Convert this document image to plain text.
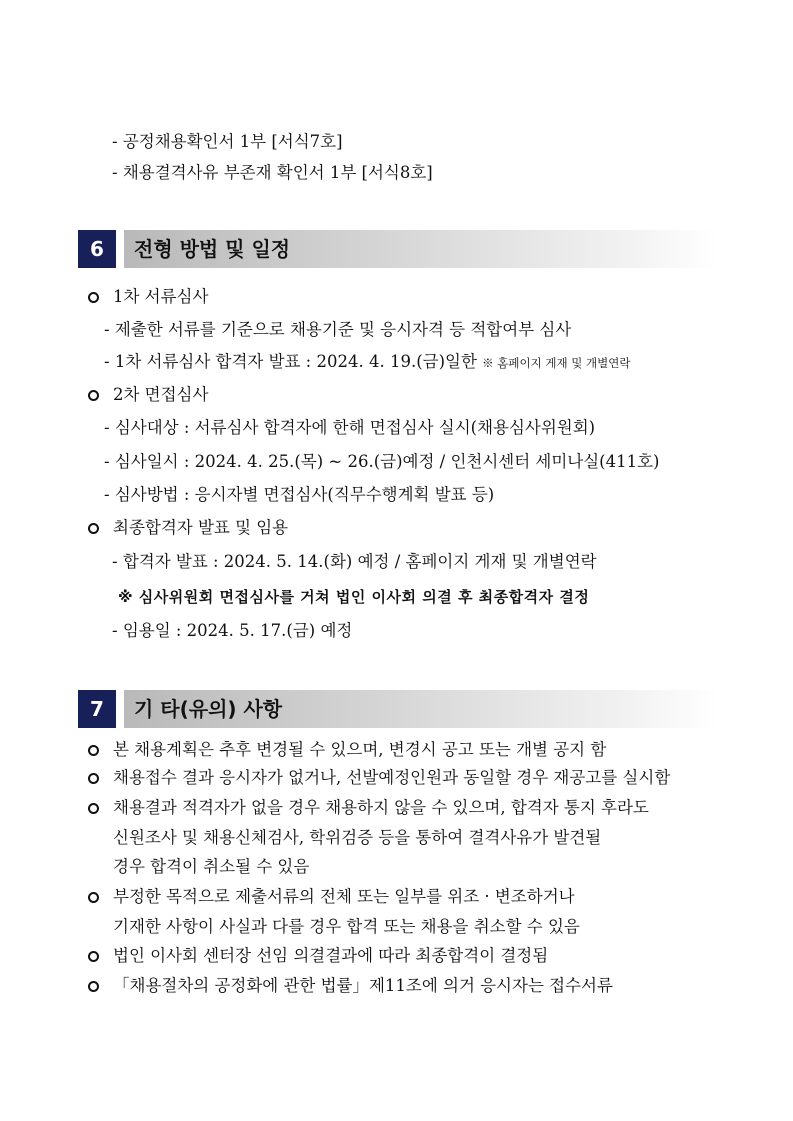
- 공정채용확인서 1부 [서식7호]
- 채용결격사유 부존재 확인서 1부 [서식8호]
6	전형 방법 및 일정
1차 서류심사
- 제출한 서류를 기준으로 채용기준 및 응시자격 등 적합여부 심사
- 1차 서류심사 합격자 발표 : 2024. 4. 19.(금)일한 ※ 홈페이지 게재 및 개별연락
2차 면접심사
- 심사대상 : 서류심사 합격자에 한해 면접심사 실시(채용심사위원회)
- 심사일시 : 2024. 4. 25.(목) ~ 26.(금)예정 / 인천시센터 세미나실(411호)
- 심사방법 : 응시자별 면접심사(직무수행계획 발표 등)
최종합격자 발표 및 임용
- 합격자 발표 : 2024. 5. 14.(화) 예정 / 홈페이지 게재 및 개별연락
※ 심사위원회 면접심사를 거쳐 법인 이사회 의결 후 최종합격자 결정
- 임용일 : 2024. 5. 17.(금) 예정
7	기 타(유의) 사항
본 채용계획은 추후 변경될 수 있으며, 변경시 공고 또는 개별 공지 함
채용접수 결과 응시자가 없거나, 선발예정인원과 동일할 경우 재공고를 실시함
채용결과 적격자가 없을 경우 채용하지 않을 수 있으며, 합격자 통지 후라도
신원조사 및 채용신체검사, 학위검증 등을 통하여 결격사유가 발견될
경우 합격이 취소될 수 있음
부정한 목적으로 제출서류의 전체 또는 일부를 위조 · 변조하거나
기재한 사항이 사실과 다를 경우 합격 또는 채용을 취소할 수 있음
법인 이사회 센터장 선임 의결결과에 따라 최종합격이 결정됨
「채용절차의 공정화에 관한 법률」제11조에 의거 응시자는 접수서류
